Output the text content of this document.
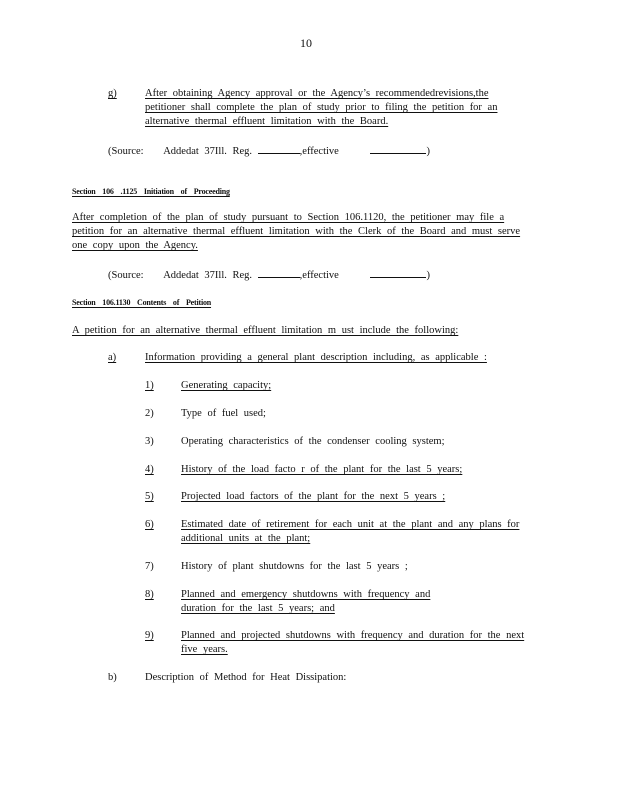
10
g)	After obtaining Agency approval or the Agency’s recommendedrevisions,the
petitioner shall complete the plan of study prior to filing the petition for an
alternative thermal effluent limitation with the Board.
(Source: Addedat 37Ill. Reg.	,effective	)
Section 106 .1125 Initiation of Proceeding
After completion of the plan of study pursuant to Section 106.1120, the petitioner may file a
petition for an alternative thermal effluent limitation with the Clerk of the Board and must serve
one copy upon the Agency.
(Source: Addedat 37Ill. Reg.	,effective	)
Section 106.1130 Contents of Petition
A petition for an alternative thermal effluent limitation m ust include the following:
a)	Information providing a general plant description including, as applicable :
1)	Generating capacity;
2)	Type of fuel used;
3)	Operating characteristics of the condenser cooling system;
4)	History of the load facto r of the plant for the last 5 years;
5)	Projected load factors of the plant for the next 5 years ;
6)	Estimated date of retirement for each unit at the plant and any plans for
additional units at the plant;
7)	History of plant shutdowns for the last 5 years ;
8)	Planned and emergency shutdowns with frequency and
duration for the last 5 years; and
9)	Planned and projected shutdowns with frequency and duration for the next
five years.
b)	Description of Method for Heat Dissipation:
